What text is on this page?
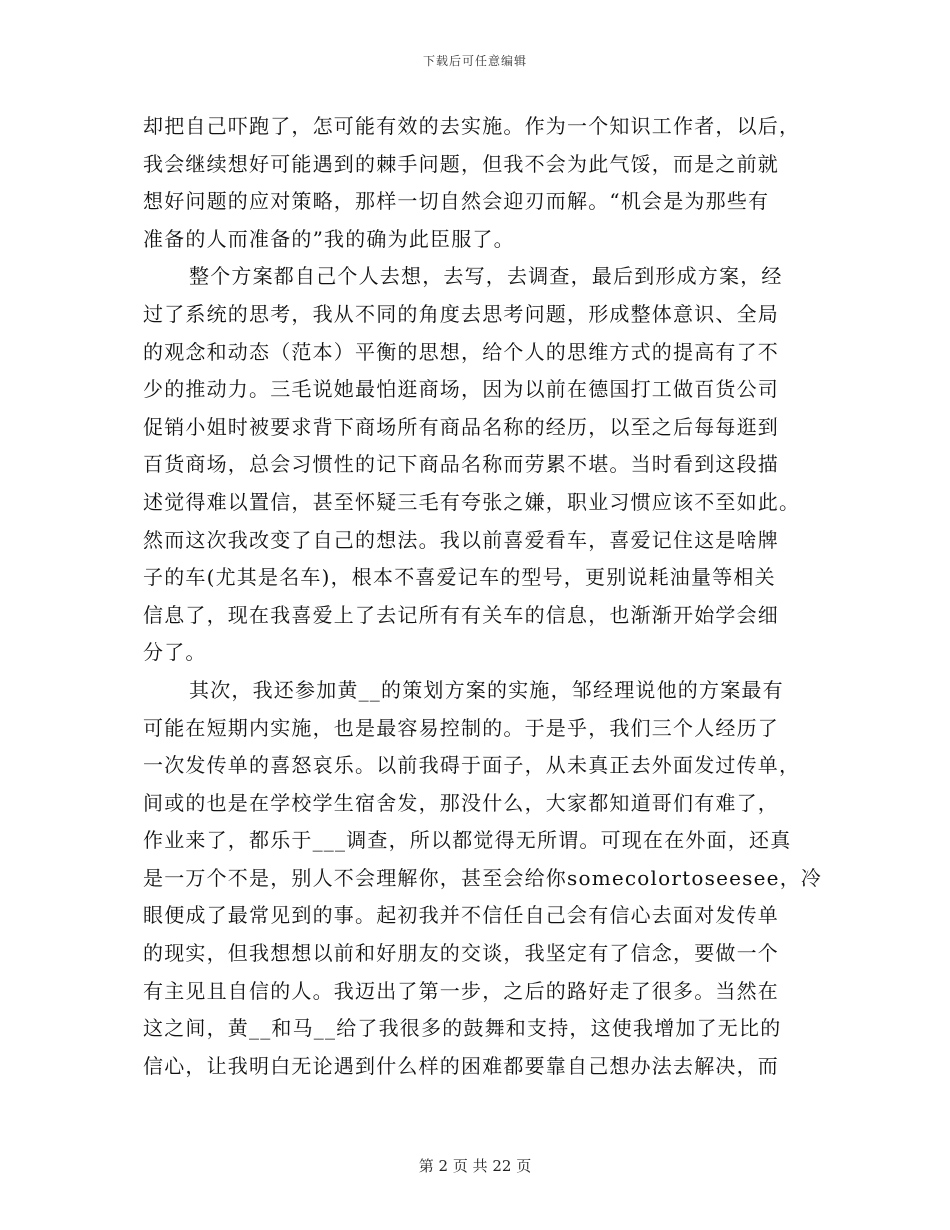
下载后可任意编辑
却把自己吓跑了，怎可能有效的去实施。作为一个知识工作者，以后，
我会继续想好可能遇到的棘手问题，但我不会为此气馁，而是之前就
想好问题的应对策略，那样一切自然会迎刃而解。“机会是为那些有
准备的人而准备的”我的确为此臣服了。
整个方案都自己个人去想，去写，去调查，最后到形成方案，经
过了系统的思考，我从不同的角度去思考问题，形成整体意识、全局
的观念和动态（范本）平衡的思想，给个人的思维方式的提高有了不
少的推动力。三毛说她最怕逛商场，因为以前在德国打工做百货公司
促销小姐时被要求背下商场所有商品名称的经历，以至之后每每逛到
百货商场，总会习惯性的记下商品名称而劳累不堪。当时看到这段描
述觉得难以置信，甚至怀疑三毛有夸张之嫌，职业习惯应该不至如此。
然而这次我改变了自己的想法。我以前喜爱看车，喜爱记住这是啥牌
子的车(尤其是名车)，根本不喜爱记车的型号，更别说耗油量等相关
信息了，现在我喜爱上了去记所有有关车的信息，也渐渐开始学会细
分了。
其次，我还参加黄__的策划方案的实施，邹经理说他的方案最有
可能在短期内实施，也是最容易控制的。于是乎，我们三个人经历了
一次发传单的喜怒哀乐。以前我碍于面子，从未真正去外面发过传单，
间或的也是在学校学生宿舍发，那没什么，大家都知道哥们有难了，
作业来了，都乐于___调查，所以都觉得无所谓。可现在在外面，还真
是一万个不是，别人不会理解你，甚至会给你somecolortoseesee，冷
眼便成了最常见到的事。起初我并不信任自己会有信心去面对发传单
的现实，但我想想以前和好朋友的交谈，我坚定有了信念，要做一个
有主见且自信的人。我迈出了第一步，之后的路好走了很多。当然在
这之间，黄__和马__给了我很多的鼓舞和支持，这使我增加了无比的
信心，让我明白无论遇到什么样的困难都要靠自己想办法去解决，而
第 2 页 共 22 页
